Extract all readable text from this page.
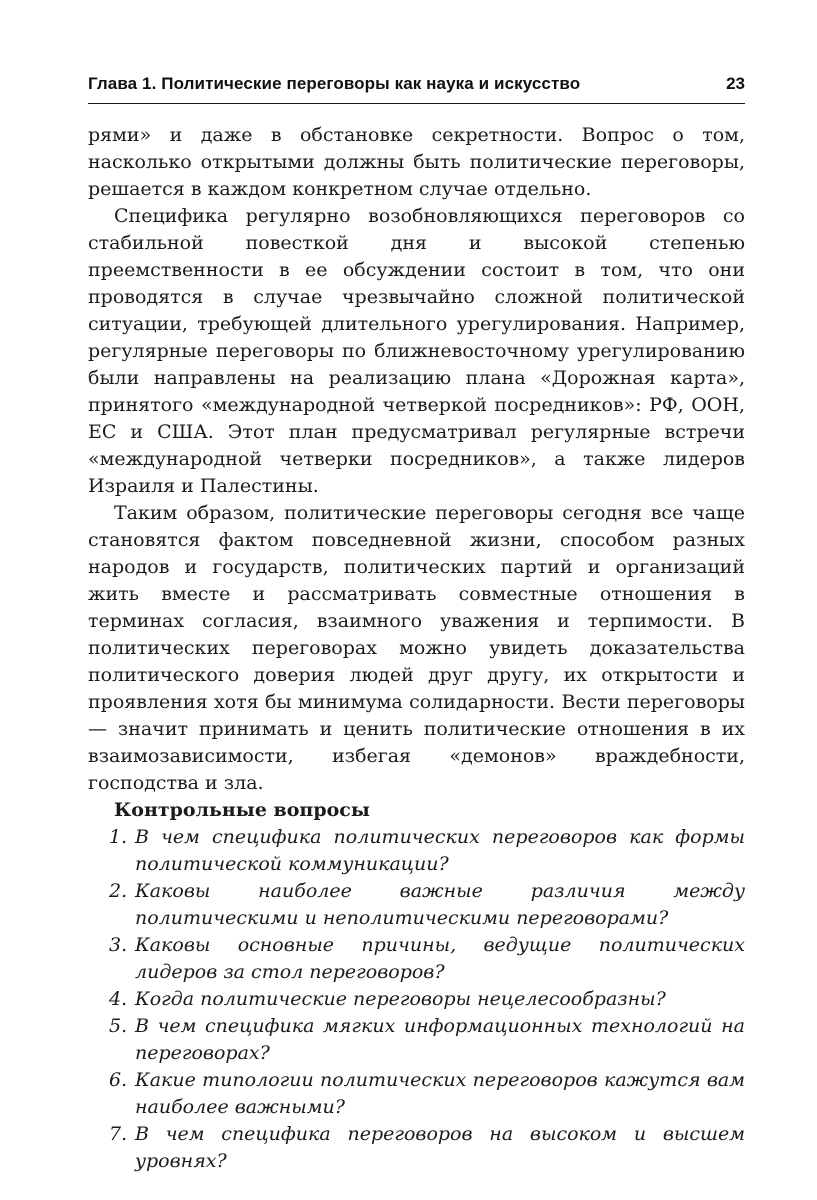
Глава 1. Политические переговоры как наука и искусство	23

рями» и даже в обстановке секретности. Вопрос о том, насколько открытыми должны быть политические переговоры, решается в каждом конкретном случае отдельно.

Специфика регулярно возобновляющихся переговоров со стабильной повесткой дня и высокой степенью преемственности в ее обсуждении состоит в том, что они проводятся в случае чрезвычайно сложной политической ситуации, требующей длительного урегулирования. Например, регулярные переговоры по ближневосточному урегулированию были направлены на реализацию плана «Дорожная карта», принятого «международной четверкой посредников»: РФ, ООН, ЕС и США. Этот план предусматривал регулярные встречи «международной четверки посредников», а также лидеров Израиля и Палестины.

Таким образом, политические переговоры сегодня все чаще становятся фактом повседневной жизни, способом разных народов и государств, политических партий и организаций жить вместе и рассматривать совместные отношения в терминах согласия, взаимного уважения и терпимости. В политических переговорах можно увидеть доказательства политического доверия людей друг другу, их открытости и проявления хотя бы минимума солидарности. Вести переговоры — значит принимать и ценить политические отношения в их взаимозависимости, избегая «демонов» враждебности, господства и зла.

Контрольные вопросы
В чем специфика политических переговоров как формы политической коммуникации?
Каковы наиболее важные различия между политическими и неполитическими переговорами?
Каковы основные причины, ведущие политических лидеров за стол переговоров?
Когда политические переговоры нецелесообразны?
В чем специфика мягких информационных технологий на переговорах?
Какие типологии политических переговоров кажутся вам наиболее важными?
В чем специфика переговоров на высоком и высшем уровнях?
